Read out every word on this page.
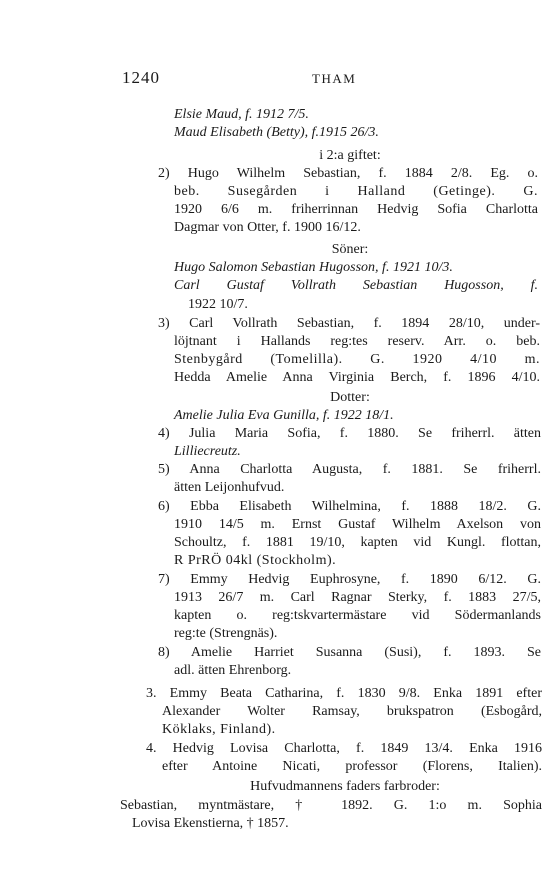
1240	THAM
Elsie Maud, f. 1912 7/5.
Maud Elisabeth (Betty), f.1915 26/3.
i 2:a giftet:
2) Hugo Wilhelm Sebastian, f. 1884 2/8. Eg. o.
beb. Susegården i Halland (Getinge). G.
1920 6/6 m. friherrinnan Hedvig Sofia Charlotta
Dagmar von Otter, f. 1900 16/12.
Söner:
Hugo Salomon Sebastian Hugosson, f. 1921 10/3.
Carl Gustaf Vollrath Sebastian Hugosson, f.
1922 10/7.
3) Carl Vollrath Sebastian, f. 1894 28/10, under-
löjtnant i Hallands reg:tes reserv. Arr. o. beb.
Stenbygård (Tomelilla). G. 1920 4/10 m.
Hedda Amelie Anna Virginia Berch, f. 1896 4/10.
Dotter:
Amelie Julia Eva Gunilla, f. 1922 18/1.
4) Julia Maria Sofia, f. 1880. Se friherrl. ätten
Lilliecreutz.
5) Anna Charlotta Augusta, f. 1881. Se friherrl.
ätten Leijonhufvud.
6) Ebba Elisabeth Wilhelmina, f. 1888 18/2. G.
1910 14/5 m. Ernst Gustaf Wilhelm Axelson von
Schoultz, f. 1881 19/10, kapten vid Kungl. flottan,
R PrRÖ 04kl (Stockholm).
7) Emmy Hedvig Euphrosyne, f. 1890 6/12. G.
1913 26/7 m. Carl Ragnar Sterky, f. 1883 27/5,
kapten o. reg:tskvartermästare vid Södermanlands
reg:te (Strengnäs).
8) Amelie Harriet Susanna (Susi), f. 1893. Se
adl. ätten Ehrenborg.
3. Emmy Beata Catharina, f. 1830 9/8. Enka 1891 efter
Alexander Wolter Ramsay, brukspatron (Esbogård,
Köklaks, Finland).
4. Hedvig Lovisa Charlotta, f. 1849 13/4. Enka 1916
efter Antoine Nicati, professor (Florens, Italien).
Hufvudmannens faders farbroder:
Sebastian, myntmästare, † 1892. G. 1:o m. Sophia
Lovisa Ekenstierna, † 1857.
